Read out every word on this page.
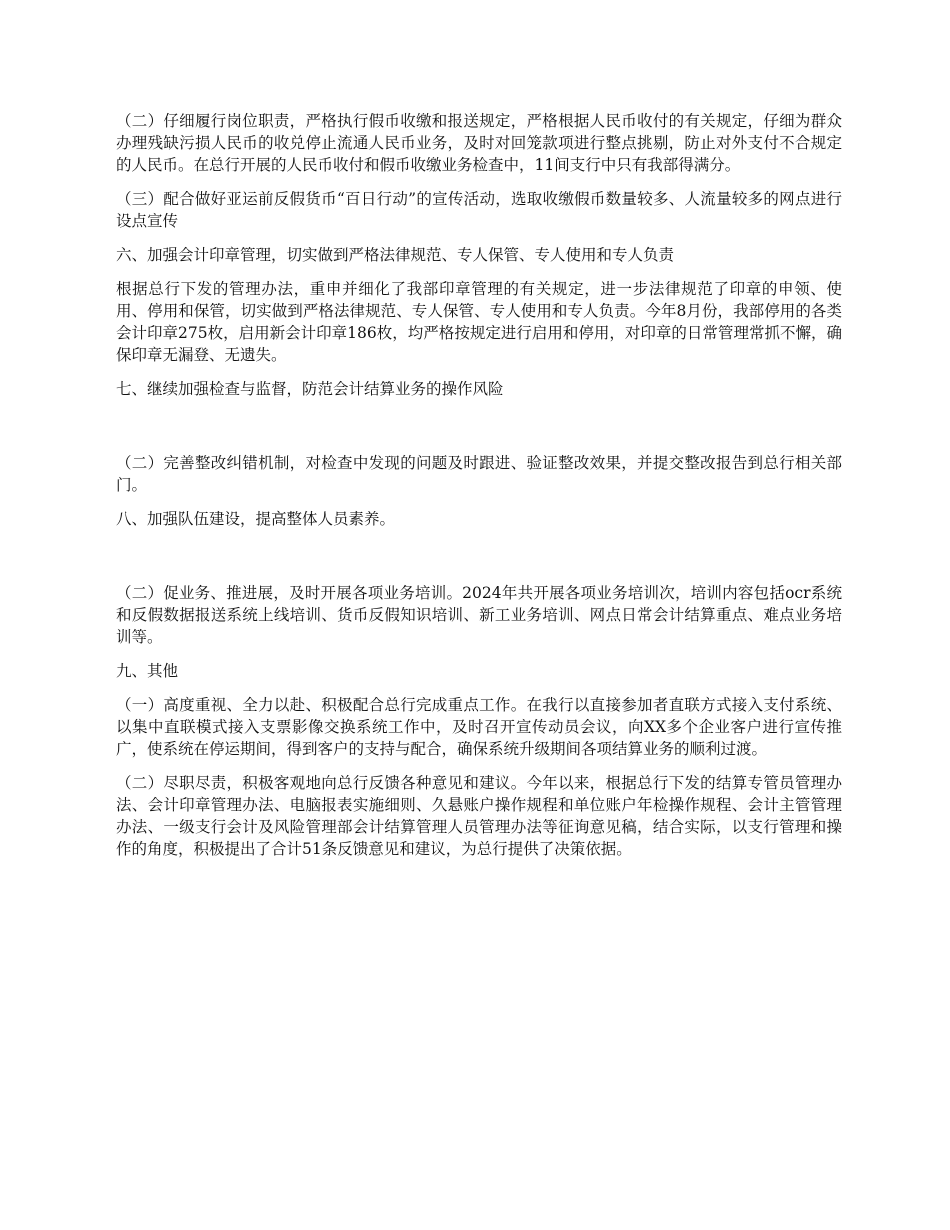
（二）仔细履行岗位职责，严格执行假币收缴和报送规定，严格根据人民币收付的有关规定，仔细为群众办理残缺污损人民币的收兑停止流通人民币业务，及时对回笼款项进行整点挑剔，防止对外支付不合规定的人民币。在总行开展的人民币收付和假币收缴业务检查中，11间支行中只有我部得满分。

（三）配合做好亚运前反假货币“百日行动”的宣传活动，选取收缴假币数量较多、人流量较多的网点进行设点宣传

六、加强会计印章管理，切实做到严格法律规范、专人保管、专人使用和专人负责

根据总行下发的管理办法，重申并细化了我部印章管理的有关规定，进一步法律规范了印章的申领、使用、停用和保管，切实做到严格法律规范、专人保管、专人使用和专人负责。今年8月份，我部停用的各类会计印章275枚，启用新会计印章186枚，均严格按规定进行启用和停用，对印章的日常管理常抓不懈，确保印章无漏登、无遗失。

七、继续加强检查与监督，防范会计结算业务的操作风险

（二）完善整改纠错机制，对检查中发现的问题及时跟进、验证整改效果，并提交整改报告到总行相关部门。

八、加强队伍建设，提高整体人员素养。

（二）促业务、推进展，及时开展各项业务培训。2024年共开展各项业务培训次，培训内容包括ocr系统和反假数据报送系统上线培训、货币反假知识培训、新工业务培训、网点日常会计结算重点、难点业务培训等。

九、其他

（一）高度重视、全力以赴、积极配合总行完成重点工作。在我行以直接参加者直联方式接入支付系统、以集中直联模式接入支票影像交换系统工作中，及时召开宣传动员会议，向XX多个企业客户进行宣传推广，使系统在停运期间，得到客户的支持与配合，确保系统升级期间各项结算业务的顺利过渡。

（二）尽职尽责，积极客观地向总行反馈各种意见和建议。今年以来，根据总行下发的结算专管员管理办法、会计印章管理办法、电脑报表实施细则、久悬账户操作规程和单位账户年检操作规程、会计主管管理办法、一级支行会计及风险管理部会计结算管理人员管理办法等征询意见稿，结合实际，以支行管理和操作的角度，积极提出了合计51条反馈意见和建议，为总行提供了决策依据。
